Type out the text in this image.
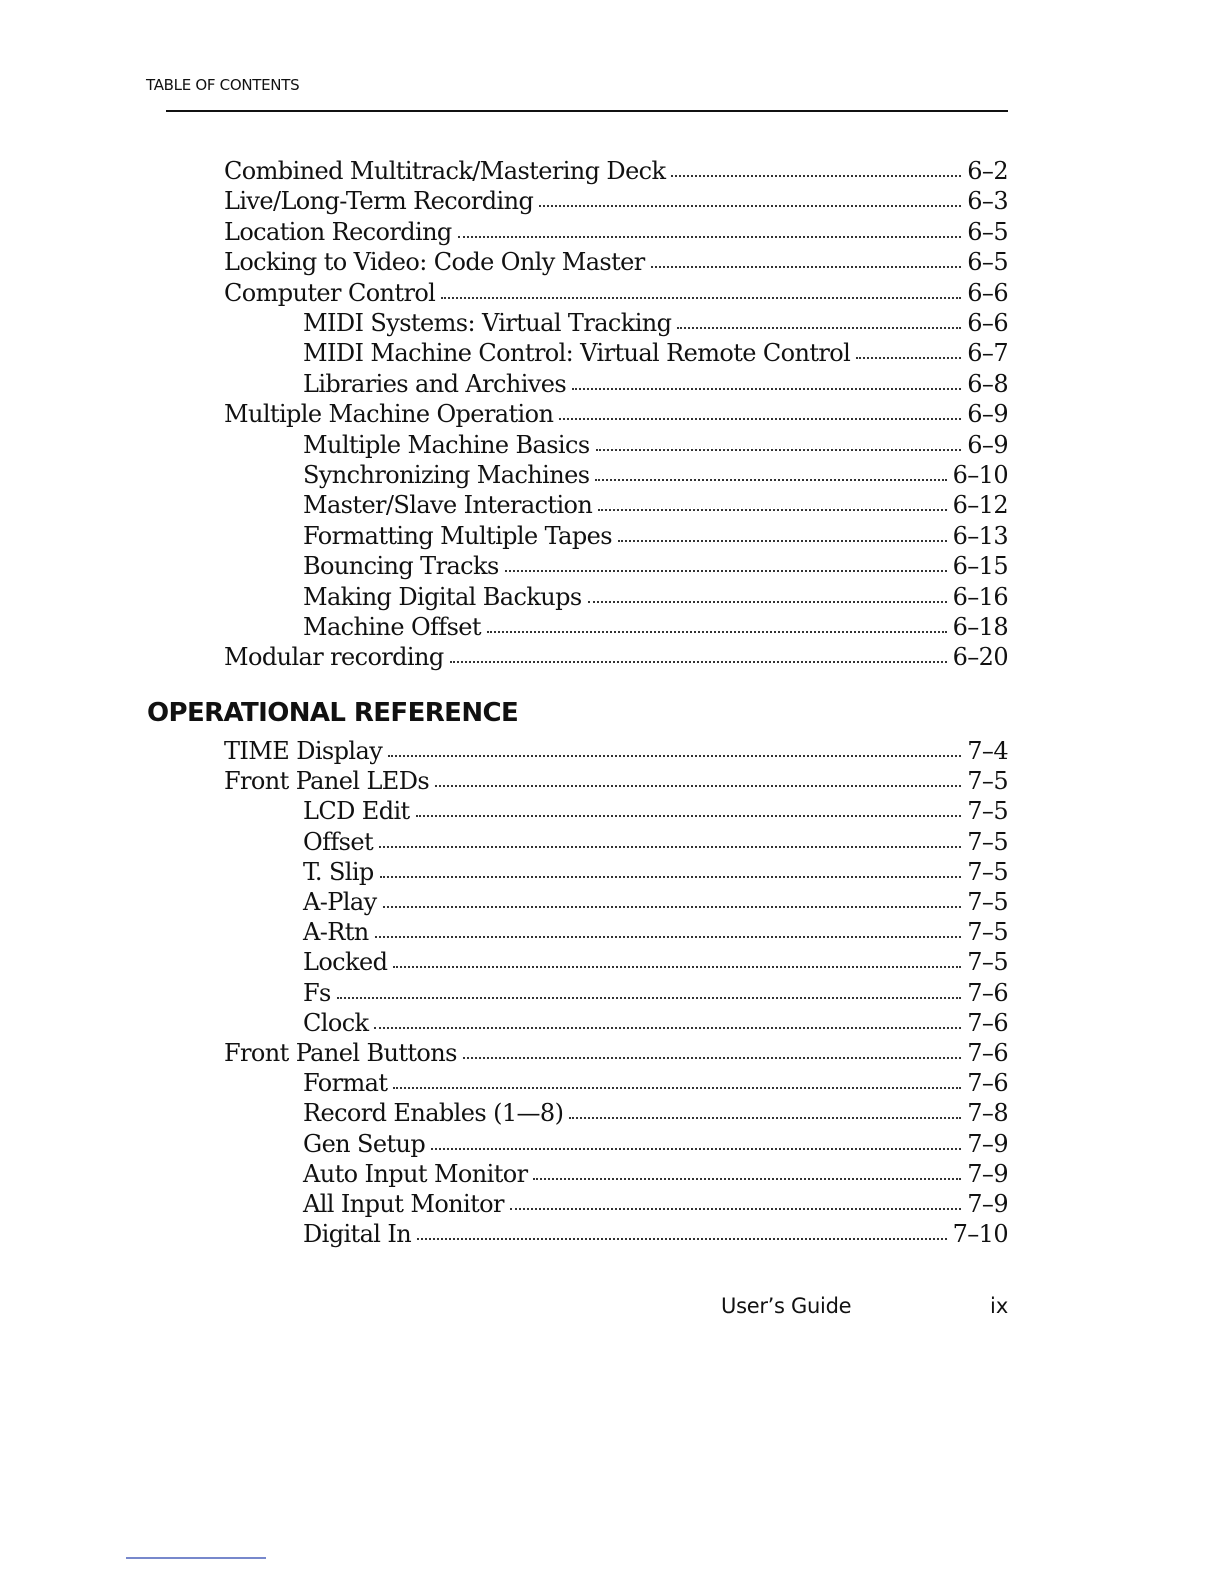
TABLE OF CONTENTS
Combined Multitrack/Mastering Deck	6–2
Live/Long-Term Recording	6–3
Location Recording	6–5
Locking to Video: Code Only Master	6–5
Computer Control	6–6
MIDI Systems: Virtual Tracking	6–6
MIDI Machine Control: Virtual Remote Control	6–7
Libraries and Archives	6–8
Multiple Machine Operation	6–9
Multiple Machine Basics	6–9
Synchronizing Machines	6–10
Master/Slave Interaction	6–12
Formatting Multiple Tapes	6–13
Bouncing Tracks	6–15
Making Digital Backups	6–16
Machine Offset	6–18
Modular recording	6–20
OPERATIONAL REFERENCE
TIME Display	7–4
Front Panel LEDs	7–5
LCD Edit	7–5
Offset	7–5
T. Slip	7–5
A-Play	7–5
A-Rtn	7–5
Locked	7–5
Fs	7–6
Clock	7–6
Front Panel Buttons	7–6
Format	7–6
Record Enables (1—8)	7–8
Gen Setup	7–9
Auto Input Monitor	7–9
All Input Monitor	7–9
Digital In	7–10
User’s Guide	ix
